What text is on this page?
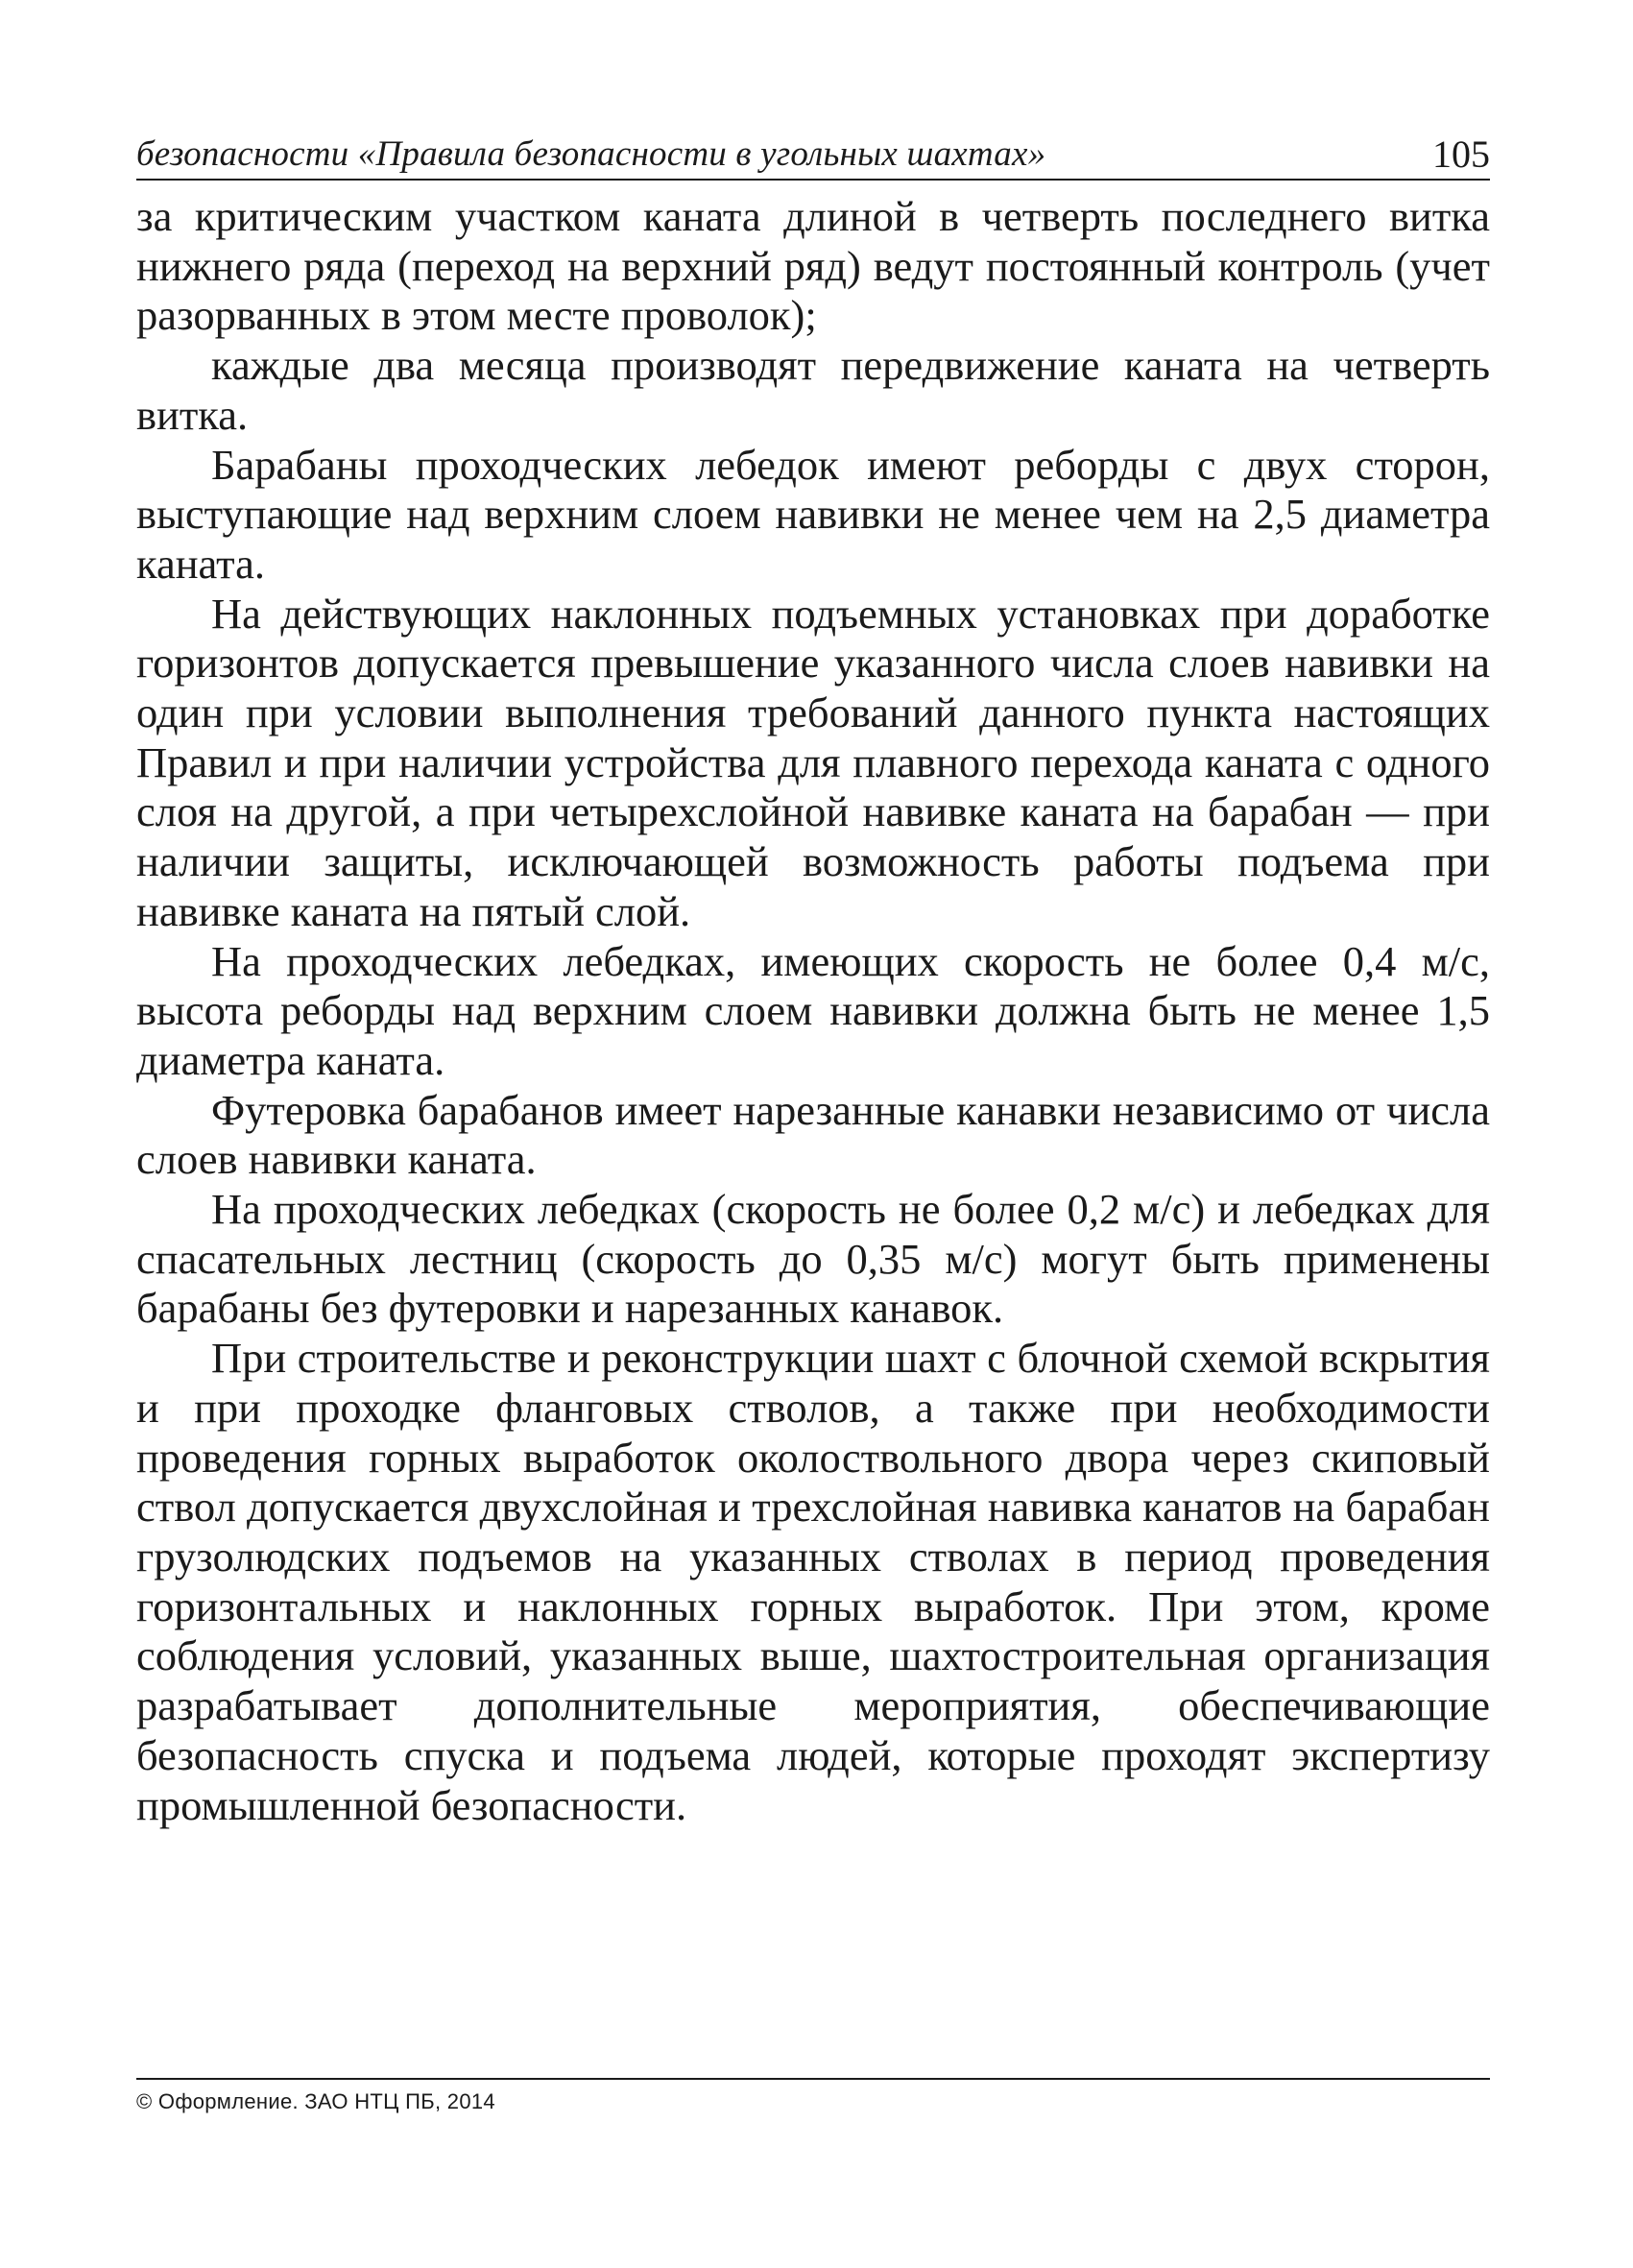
безопасности «Правила безопасности в угольных шахтах»	105

за критическим участком каната длиной в четверть последнего витка нижнего ряда (переход на верхний ряд) ведут постоянный контроль (учет разорванных в этом месте проволок);

каждые два месяца производят передвижение каната на четверть витка.

Барабаны проходческих лебедок имеют реборды с двух сторон, выступающие над верхним слоем навивки не менее чем на 2,5 диаметра каната.

На действующих наклонных подъемных установках при доработке горизонтов допускается превышение указанного числа слоев навивки на один при условии выполнения требований данного пункта настоящих Правил и при наличии устройства для плавного перехода каната с одного слоя на другой, а при четырехслойной навивке каната на барабан — при наличии защиты, исключающей возможность работы подъема при навивке каната на пятый слой.

На проходческих лебедках, имеющих скорость не более 0,4 м/с, высота реборды над верхним слоем навивки должна быть не менее 1,5 диаметра каната.

Футеровка барабанов имеет нарезанные канавки независимо от числа слоев навивки каната.

На проходческих лебедках (скорость не более 0,2 м/с) и лебедках для спасательных лестниц (скорость до 0,35 м/с) могут быть применены барабаны без футеровки и нарезанных канавок.

При строительстве и реконструкции шахт с блочной схемой вскрытия и при проходке фланговых стволов, а также при необходимости проведения горных выработок околоствольного двора через скиповый ствол допускается двухслойная и трехслойная навивка канатов на барабан грузолюдских подъемов на указанных стволах в период проведения горизонтальных и наклонных горных выработок. При этом, кроме соблюдения условий, указанных выше, шахтостроительная организация разрабатывает дополнительные мероприятия, обеспечивающие безопасность спуска и подъема людей, которые проходят экспертизу промышленной безопасности.

© Оформление. ЗАО НТЦ ПБ, 2014
